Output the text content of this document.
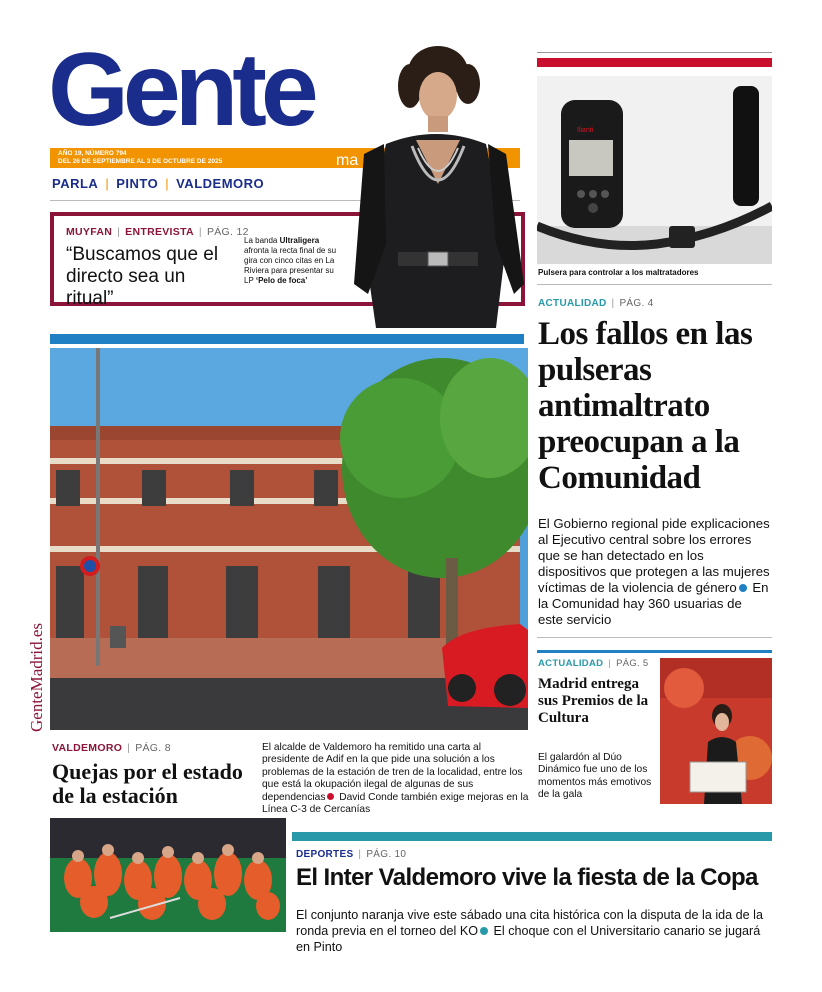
Gente
AÑO 19, NÚMERO 794
DEL 26 DE SEPTIEMBRE AL 3 DE OCTUBRE DE 2025	ma
PARLA | PINTO | VALDEMORO
MUYFAN | ENTREVISTA | PÁG. 12
“Buscamos que el directo sea un ritual”
La banda Ultraligera afronta la recta final de su gira con cinco citas en La Riviera para presentar su LP ‘Pelo de foca’
VALDEMORO | PÁG. 8
Quejas por el estado de la estación
El alcalde de Valdemoro ha remitido una carta al presidente de Adif en la que pide una solución a los problemas de la estación de tren de la localidad, entre los que está la okupación ilegal de algunas de sus dependencias David Conde también exige mejoras en la Línea C-3 de Cercanías
Ilianti
Pulsera para controlar a los maltratadores
ACTUALIDAD | PÁG. 4
Los fallos en las pulseras antimaltrato preocupan a la Comunidad
El Gobierno regional pide explicaciones al Ejecutivo central sobre los errores que se han detectado en los dispositivos que protegen a las mujeres víctimas de la violencia de género En la Comunidad hay 360 usuarias de este servicio
ACTUALIDAD | PÁG. 5
Madrid entrega sus Premios de la Cultura
El galardón al Dúo Dinámico fue uno de los momentos más emotivos de la gala
GenteMadrid.es
DEPORTES | PÁG. 10
El Inter Valdemoro vive la fiesta de la Copa
El conjunto naranja vive este sábado una cita histórica con la disputa de la ida de la ronda previa en el torneo del KO El choque con el Universitario canario se jugará en Pinto
